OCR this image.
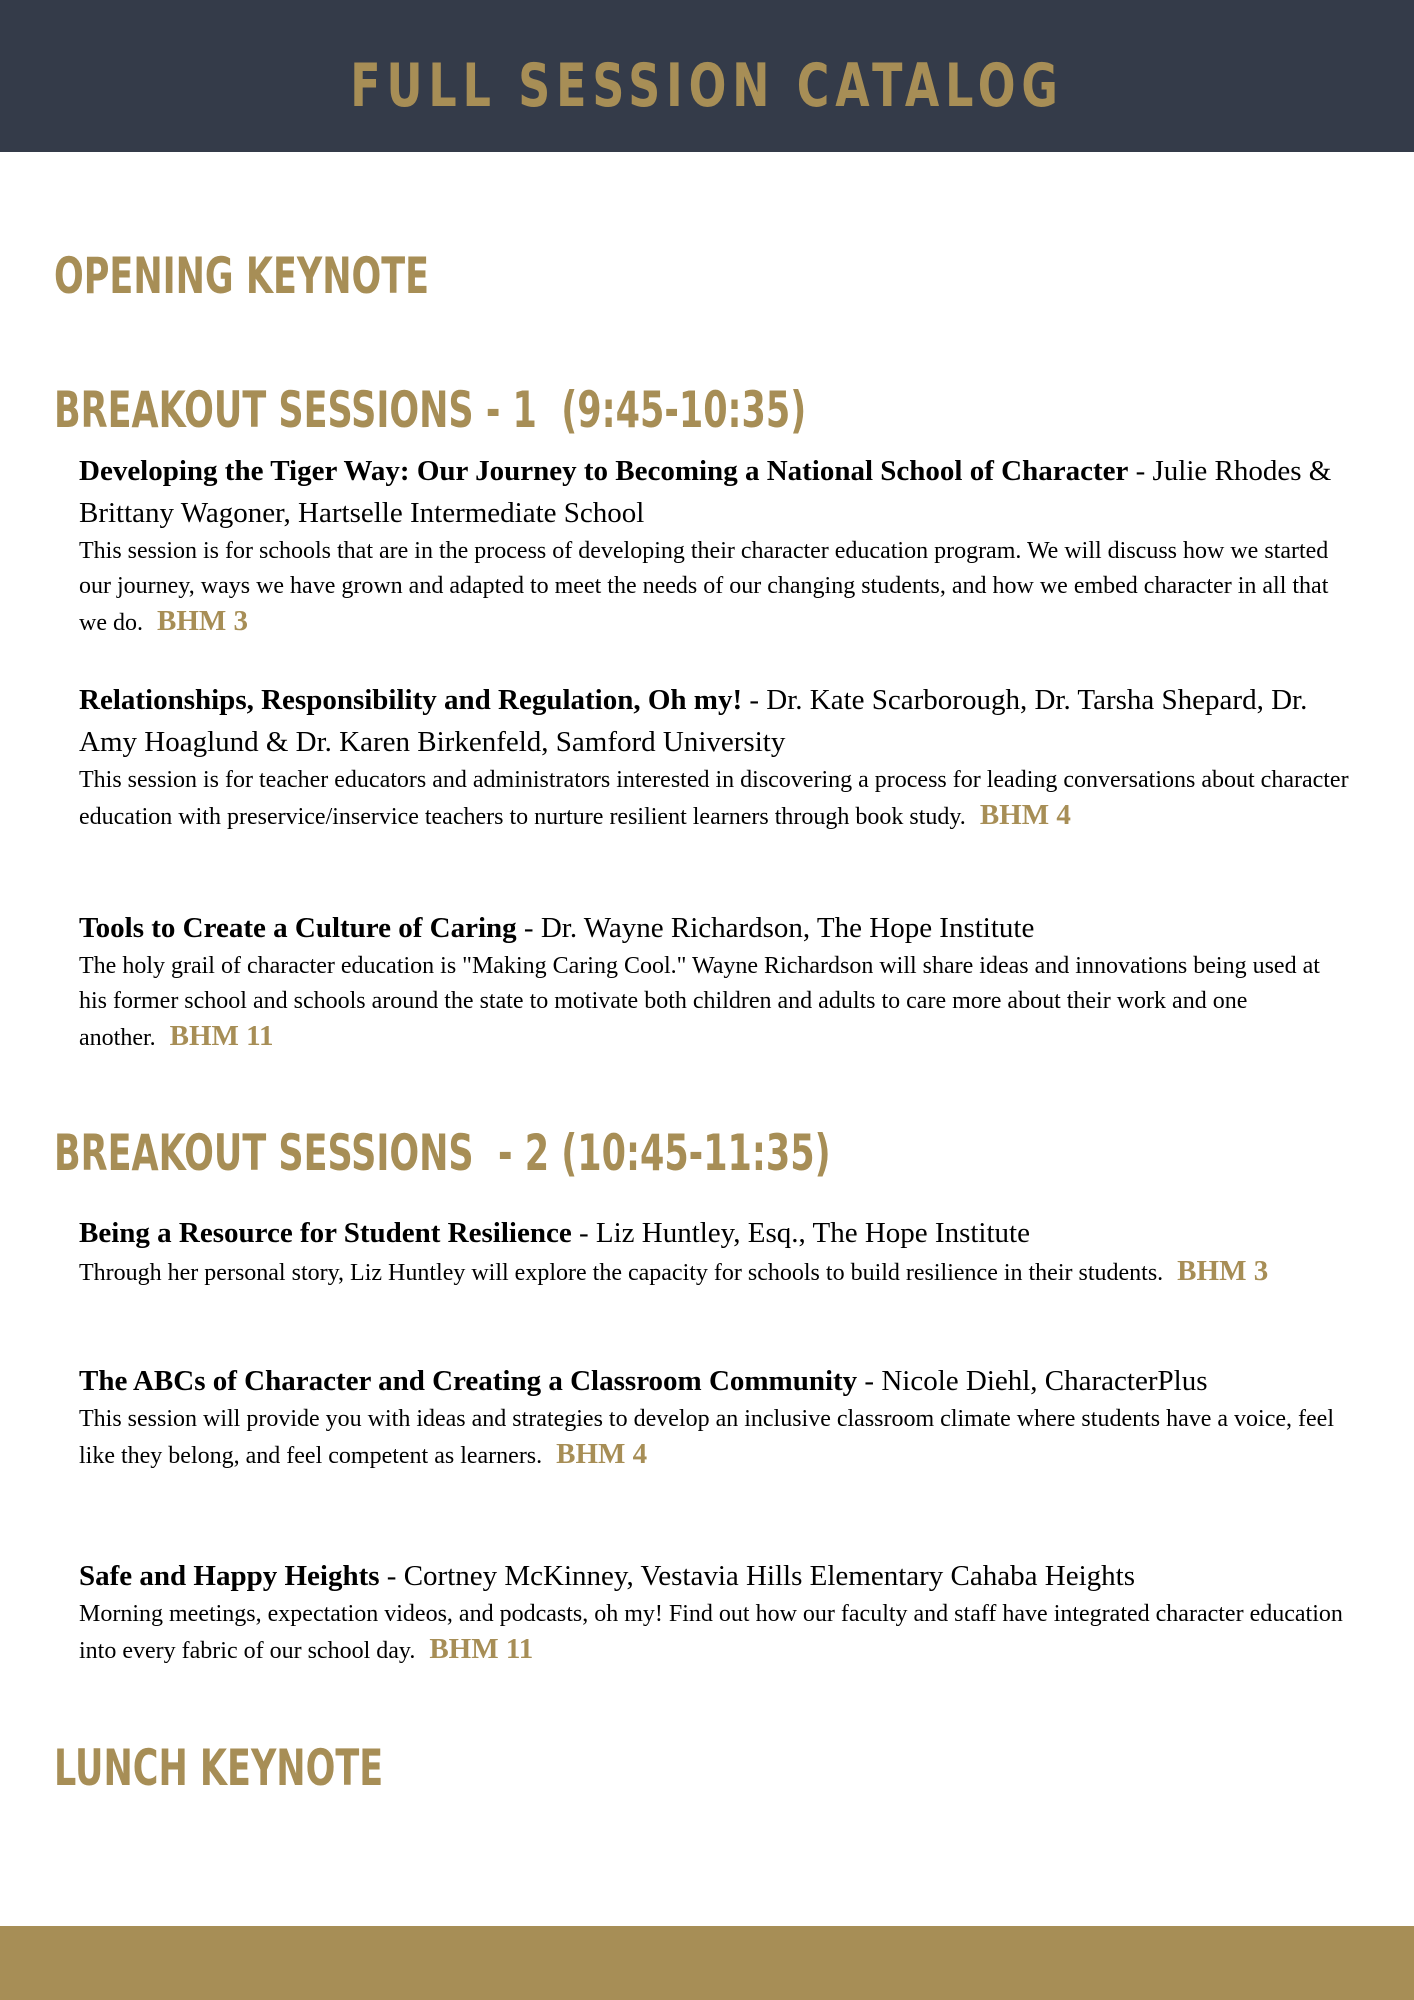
FULL SESSION CATALOG
OPENING KEYNOTE
BREAKOUT SESSIONS - 1  (9:45-10:35)

Developing the Tiger Way: Our Journey to Becoming a National School of Character - Julie Rhodes & Brittany Wagoner, Hartselle Intermediate School

This session is for schools that are in the process of developing their character education program. We will discuss how we started our journey, ways we have grown and adapted to meet the needs of our changing students, and how we embed character in all that we do. BHM 3

Relationships, Responsibility and Regulation, Oh my! - Dr. Kate Scarborough, Dr. Tarsha Shepard, Dr. Amy Hoaglund & Dr. Karen Birkenfeld, Samford University

This session is for teacher educators and administrators interested in discovering a process for leading conversations about character education with preservice/inservice teachers to nurture resilient learners through book study. BHM 4

Tools to Create a Culture of Caring - Dr. Wayne Richardson, The Hope Institute

The holy grail of character education is "Making Caring Cool." Wayne Richardson will share ideas and innovations being used at his former school and schools around the state to motivate both children and adults to care more about their work and one another. BHM 11

BREAKOUT SESSIONS  - 2 (10:45-11:35)

Being a Resource for Student Resilience - Liz Huntley, Esq., The Hope Institute

Through her personal story, Liz Huntley will explore the capacity for schools to build resilience in their students. BHM 3

The ABCs of Character and Creating a Classroom Community - Nicole Diehl, CharacterPlus

This session will provide you with ideas and strategies to develop an inclusive classroom climate where students have a voice, feel like they belong, and feel competent as learners. BHM 4

Safe and Happy Heights - Cortney McKinney, Vestavia Hills Elementary Cahaba Heights

Morning meetings, expectation videos, and podcasts, oh my! Find out how our faculty and staff have integrated character education into every fabric of our school day. BHM 11

LUNCH KEYNOTE
